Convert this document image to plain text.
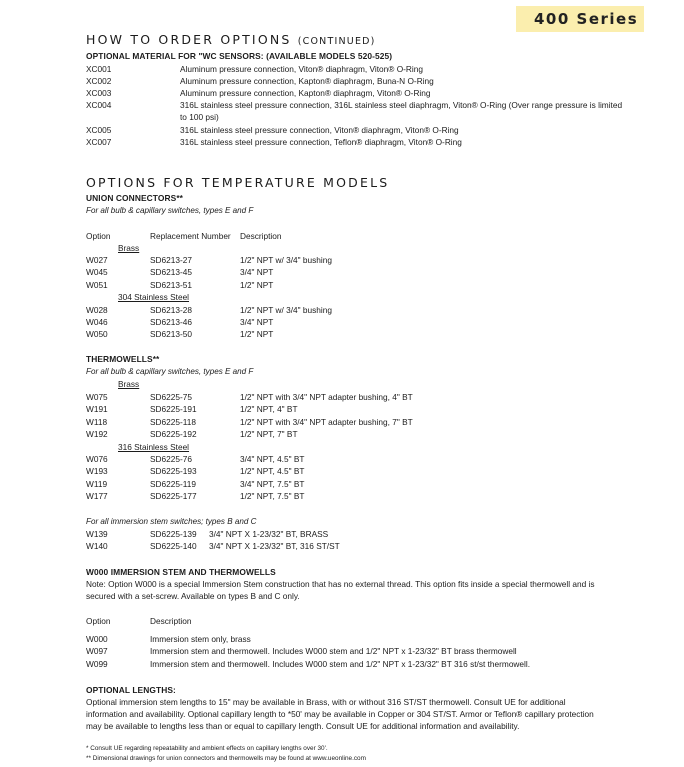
400 Series
HOW TO ORDER OPTIONS (CONTINUED)
OPTIONAL MATERIAL FOR "WC SENSORS: (AVAILABLE MODELS 520-525)
XC001	Aluminum pressure connection, Viton® diaphragm, Viton® O-Ring
XC002	Aluminum pressure connection, Kapton® diaphragm, Buna-N O-Ring
XC003	Aluminum pressure connection, Kapton® diaphragm, Viton® O-Ring
XC004	316L stainless steel pressure connection, 316L stainless steel diaphragm, Viton® O-Ring (Over range pressure is limited
to 100 psi)
XC005	316L stainless steel pressure connection, Viton® diaphragm, Viton® O-Ring
XC007	316L stainless steel pressure connection, Teflon® diaphragm, Viton® O-Ring
OPTIONS FOR TEMPERATURE MODELS
UNION CONNECTORS**
For all bulb & capillary switches, types E and F
Option	Replacement Number Description
Brass
W027	SD6213-27	1/2" NPT w/ 3/4" bushing
W045	SD6213-45	3/4" NPT
W051	SD6213-51	1/2" NPT
304 Stainless Steel
W028	SD6213-28	1/2" NPT w/ 3/4" bushing
W046	SD6213-46	3/4" NPT
W050	SD6213-50	1/2" NPT
THERMOWELLS**
For all bulb & capillary switches, types E and F
Brass
W075	SD6225-75	1/2" NPT with 3/4" NPT adapter bushing, 4" BT
W191	SD6225-191	1/2" NPT, 4" BT
W118	SD6225-118	1/2" NPT with 3/4" NPT adapter bushing, 7" BT
W192	SD6225-192	1/2" NPT, 7" BT
316 Stainless Steel
W076	SD6225-76	3/4" NPT, 4.5" BT
W193	SD6225-193	1/2" NPT, 4.5" BT
W119	SD6225-119	3/4" NPT, 7.5" BT
W177	SD6225-177	1/2" NPT, 7.5" BT
For all immersion stem switches; types B and C
W139	SD6225-139 3/4" NPT X 1-23/32" BT, BRASS
W140	SD6225-140 3/4" NPT X 1-23/32" BT, 316 ST/ST
W000 IMMERSION STEM AND THERMOWELLS
Note: Option W000 is a special Immersion Stem construction that has no external thread. This option fits inside a special thermowell and is
secured with a set-screw. Available on types B and C only.
Option	Description
W000	Immersion stem only, brass
W097	Immersion stem and thermowell. Includes W000 stem and 1/2" NPT x 1-23/32" BT brass thermowell
W099	Immersion stem and thermowell. Includes W000 stem and 1/2" NPT x 1-23/32" BT 316 st/st thermowell.
OPTIONAL LENGTHS:
Optional immersion stem lengths to 15" may be available in Brass, with or without 316 ST/ST thermowell. Consult UE for additional
information and availability. Optional capillary length to *50' may be available in Copper or 304 ST/ST. Armor or Teflon® capillary protection
may be available to lengths less than or equal to capillary length. Consult UE for additional information and availability.
* Consult UE regarding repeatability and ambient effects on capillary lengths over 30'.
** Dimensional drawings for union connectors and thermowells may be found at www.ueonline.com
